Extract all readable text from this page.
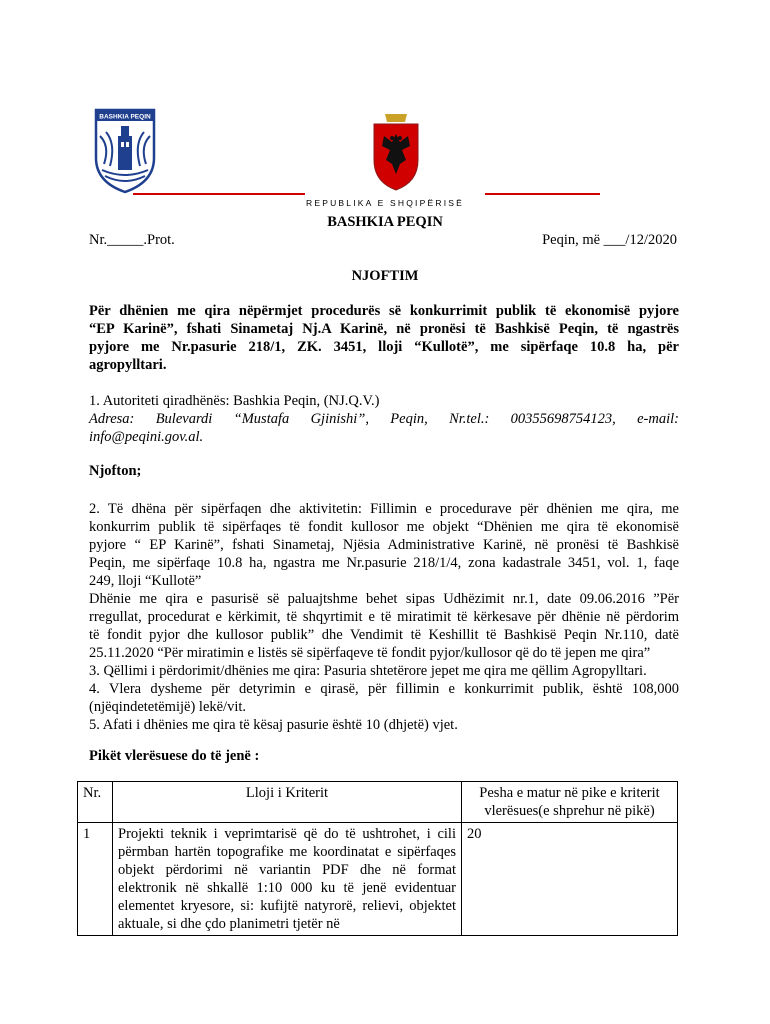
BASHKIA PEQIN
REPUBLIKA E SHQIPËRISË
BASHKIA PEQIN
Nr._____.Prot.	Peqin, më ___/12/2020
NJOFTIM

Për dhënien me qira nëpërmjet procedurës së konkurrimit publik të ekonomisë pyjore

“EP Karinë”, fshati Sinametaj Nj.A Karinë, në pronësi të Bashkisë Peqin, të ngastrës

pyjore me Nr.pasurie 218/1, ZK. 3451, lloji “Kullotë”, me sipërfaqe 10.8 ha, për

agropylltari.

1. Autoriteti qiradhënës: Bashkia Peqin, (NJ.Q.V.)

Adresa: Bulevardi “Mustafa Gjinishi”, Peqin, Nr.tel.: 00355698754123, e-mail:

info@peqini.gov.al.

Njofton;

2. Të dhëna për sipërfaqen dhe aktivitetin: Fillimin e procedurave për dhënien me qira, me

konkurrim publik të sipërfaqes të fondit kullosor me objekt “Dhënien me qira të ekonomisë

pyjore “ EP Karinë”, fshati Sinametaj, Njësia Administrative Karinë, në pronësi të Bashkisë

Peqin, me sipërfaqe 10.8 ha, ngastra me Nr.pasurie 218/1/4, zona kadastrale 3451, vol. 1, faqe

249, lloji “Kullotë”

Dhënie me qira e pasurisë së paluajtshme behet sipas Udhëzimit nr.1, date 09.06.2016 ”Për

rregullat, procedurat e kërkimit, të shqyrtimit e të miratimit të kërkesave për dhënie në përdorim

të fondit pyjor dhe kullosor publik” dhe Vendimit të Keshillit të Bashkisë Peqin Nr.110, datë

25.11.2020 “Për miratimin e listës së sipërfaqeve të fondit pyjor/kullosor që do të jepen me qira”

3. Qëllimi i përdorimit/dhënies me qira: Pasuria shtetërore jepet me qira me qëllim Agropylltari.

4. Vlera dysheme për detyrimin e qirasë, për fillimin e konkurrimit publik, është 108,000

(njëqindetetëmijë) lekë/vit.

5. Afati i dhënies me qira të kësaj pasurie është 10 (dhjetë) vjet.

Pikët vlerësuese do të jenë :
Nr.	Lloji i Kriterit	Pesha e matur në pike e kriterit vlerësues(e shprehur në pikë)
1	Projekti teknik i veprimtarisë që do të ushtrohet, i cili përmban hartën topografike me koordinatat e sipërfaqes objekt përdorimi në variantin PDF dhe në format elektronik në shkallë 1:10 000 ku të jenë evidentuar elementet kryesore, si: kufijtë natyrorë, relievi, objektet aktuale, si dhe çdo planimetri tjetër në	20
